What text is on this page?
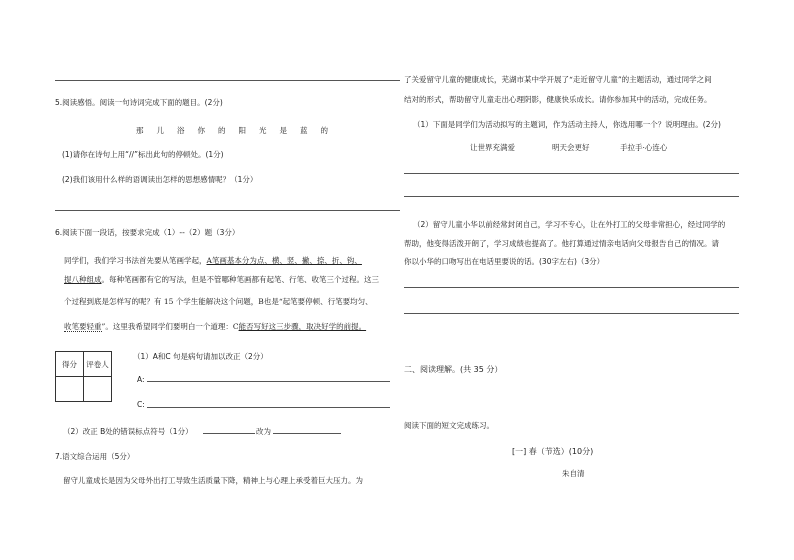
5.阅读感悟。阅读一句诗词完成下面的题目。(2分)
那儿浴你的阳光是蓝的
(1)请你在诗句上用“//”标出此句的停顿处。(1分)
(2)我们该用什么样的语调读出怎样的思想感情呢？（1分）
6.阅读下面一段话，按要求完成（1）--（2）题（3分）
同学们，我们学习书法首先要从笔画学起，A笔画基本分为点、横、竖、撇、捺、折、钩、
提八种组成。每种笔画都有它的写法，但是不管哪种笔画都有起笔、行笔、收笔三个过程。这三
个过程到底是怎样写的呢？有 15 个学生能解决这个问题，B也是“起笔要停顿、行笔要均匀、
收笔要轻重”。这里我希望同学们要明白一个道理：C能否写好这三步骤，取决好学的前提。
得分	评卷人

（1）A和C 句是病句请加以改正（2分）
A:
C:
（2）改正 B处的错误标点符号（1分）	改为
7.语文综合运用（5分）
留守儿童成长是因为父母外出打工导致生活质量下降，精神上与心理上承受着巨大压力。为
了关爱留守儿童的健康成长，芜湖市某中学开展了“走近留守儿童”的主题活动，通过同学之间
结对的形式，帮助留守儿童走出心理阴影，健康快乐成长。请你参加其中的活动，完成任务。
（1）下面是同学们为活动拟写的主题词，作为活动主持人，你选用哪一个？说明理由。(2分)
让世界充满爱	明天会更好	手拉手·心连心
（2）留守儿童小华以前经常封闭自己，学习不专心，让在外打工的父母非常担心，经过同学的
帮助，他变得活泼开朗了，学习成绩也提高了。他打算通过情亲电话向父母报告自己的情况。请
你以小华的口吻写出在电话里要说的话。(30字左右)（3分）
二、阅读理解。(共 35 分）
阅读下面的短文完成练习。
[一] 春（节选）(10分)
朱自清
